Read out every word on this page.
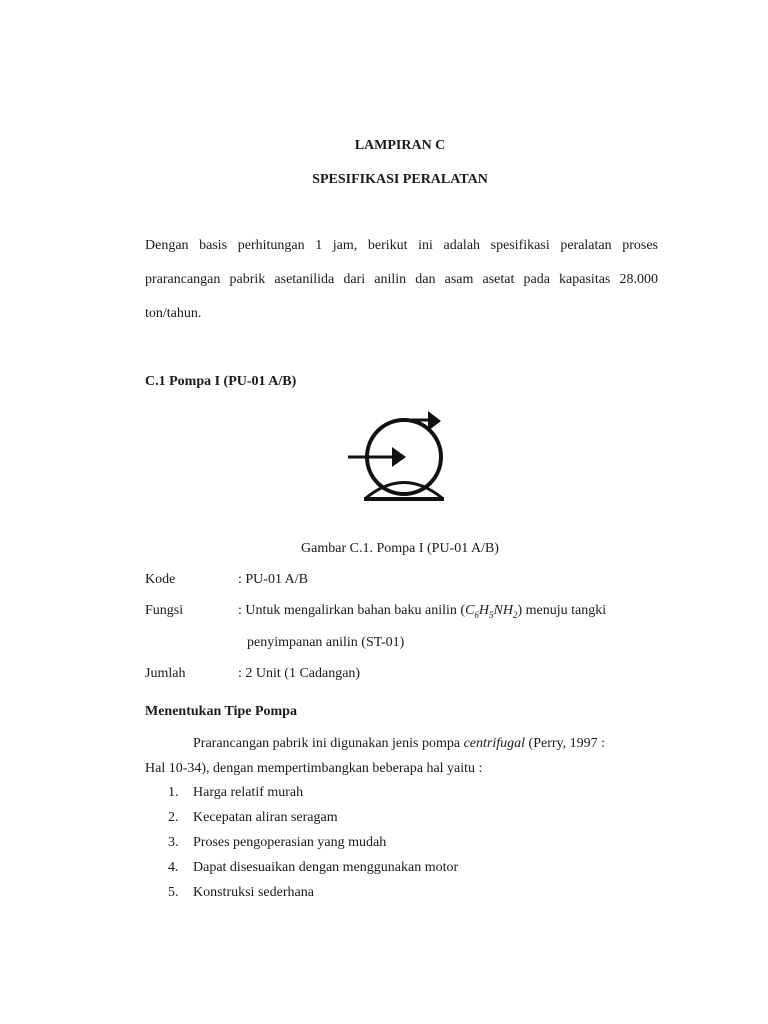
LAMPIRAN C
SPESIFIKASI PERALATAN
Dengan basis perhitungan 1 jam, berikut ini adalah spesifikasi peralatan proses prarancangan pabrik asetanilida dari anilin dan asam asetat pada kapasitas 28.000 ton/tahun.
C.1 Pompa I (PU-01 A/B)
Gambar C.1. Pompa I (PU-01 A/B)
Kode	: PU-01 A/B
Fungsi	: Untuk mengalirkan bahan baku anilin $(C_6H_5NH_2)$ menuju tangki
penyimpanan anilin (ST-01)
Jumlah	: 2 Unit (1 Cadangan)
Menentukan Tipe Pompa
Prarancangan pabrik ini digunakan jenis pompa centrifugal (Perry, 1997 :
Hal 10-34), dengan mempertimbangkan beberapa hal yaitu :
1. Harga relatif murah
2. Kecepatan aliran seragam
3. Proses pengoperasian yang mudah
4. Dapat disesuaikan dengan menggunakan motor
5. Konstruksi sederhana
